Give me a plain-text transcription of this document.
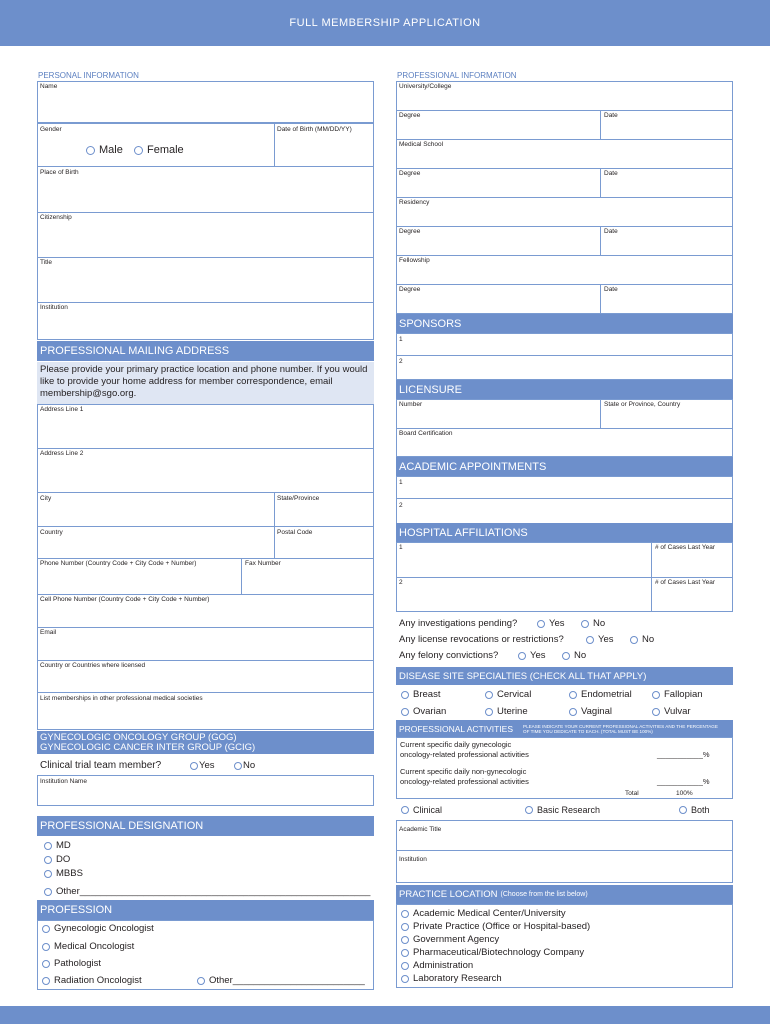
FULL MEMBERSHIP APPLICATION
PERSONAL INFORMATION
Name
Gender
Male Female
Date of Birth (MM/DD/YY)
Place of Birth
Citizenship
Title
Institution
PROFESSIONAL MAILING ADDRESS
Please provide your primary practice location and phone number. If you would like to provide your home address for member correspondence, email membership@sgo.org.
Address Line 1
Address Line 2
City	State/Province
Country	Postal Code
Phone Number (Country Code + City Code + Number)	Fax Number
Cell Phone Number (Country Code + City Code + Number)
Email
Country or Countries where licensed
List memberships in other professional medical societies
GYNECOLOGIC ONCOLOGY GROUP (GOG)
GYNECOLOGIC CANCER INTER GROUP (GCIG)
Clinical trial team member?	Yes	No
Institution Name
PROFESSIONAL DESIGNATION
MD
DO
MBBS
Other_______________________________________________________
PROFESSION
Gynecologic Oncologist
Medical Oncologist
Pathologist
Radiation Oncologist	Other_________________________
PROFESSIONAL INFORMATION
University/College
Degree	Date
Medical School
Degree	Date
Residency
Degree	Date
Fellowship
Degree	Date
SPONSORS
1
2
LICENSURE
Number	State or Province, Country
Board Certification
ACADEMIC APPOINTMENTS
1
2
HOSPITAL AFFILIATIONS
1	# of Cases Last Year
2	# of Cases Last Year
Any investigations pending?	Yes	No
Any license revocations or restrictions?	Yes	No
Any felony convictions?	Yes	No
DISEASE SITE SPECIALTIES (CHECK ALL THAT APPLY)
Breast	Cervical	Endometrial	Fallopian
Ovarian	Uterine	Vaginal	Vulvar
PROFESSIONAL ACTIVITIES PLEASE INDICATE YOUR CURRENT PROFESSIONAL ACTIVITIES AND THE PERCENTAGE OF TIME YOU DEDICATE TO EACH. (TOTAL MUST BE 100%)
Current specific daily gynecologic
oncology-related professional activities	___________%
Current specific daily non-gynecologic
oncology-related professional activities	___________%
Total	100%
Clinical	Basic Research	Both
Academic Title
Institution
PRACTICE LOCATION (Choose from the list below)
Academic Medical Center/University
Private Practice (Office or Hospital-based)
Government Agency
Pharmaceutical/Biotechnology Company
Administration
Laboratory Research
